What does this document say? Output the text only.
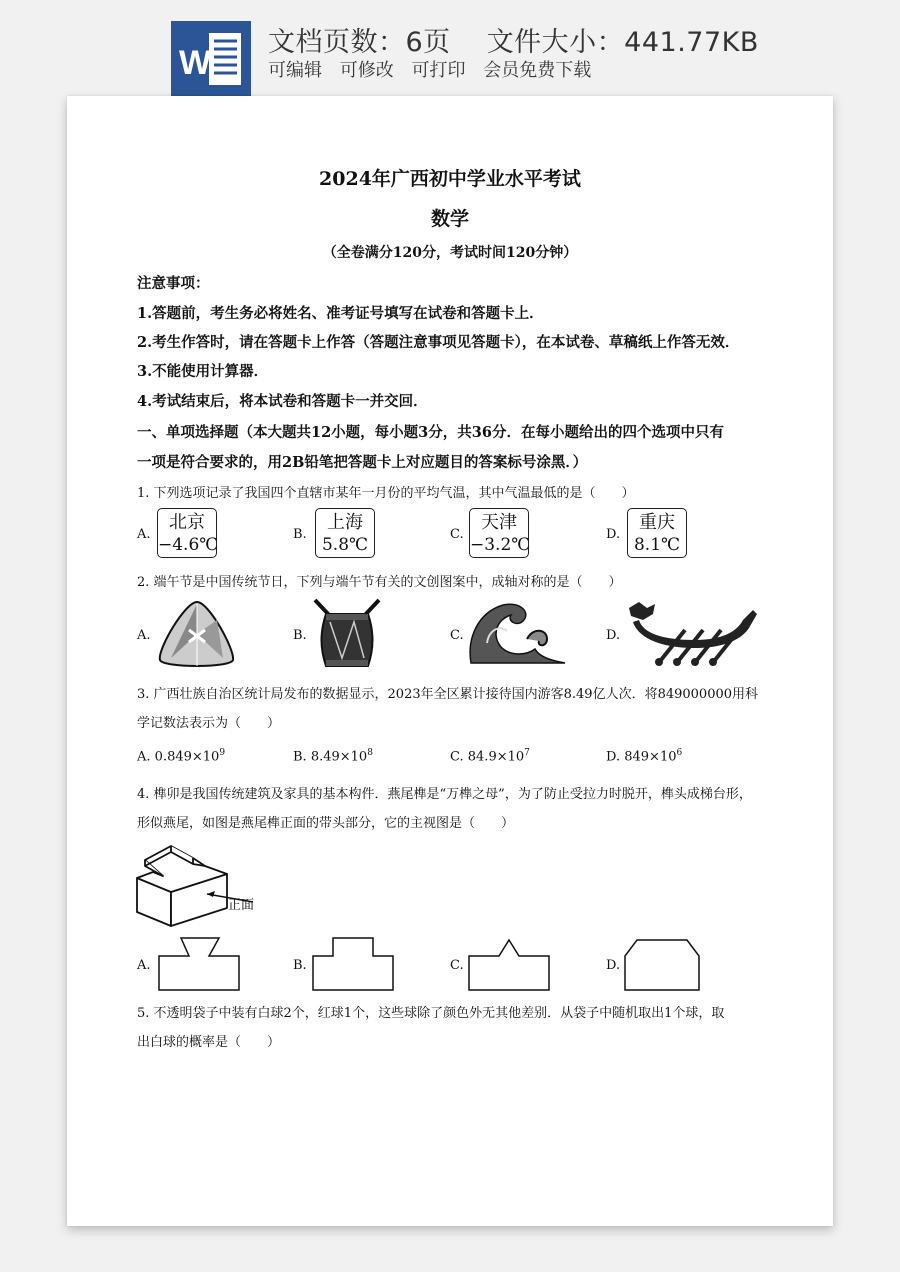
W
文档页数：6页 文件大小：441.77KB
可编辑 可修改 可打印 会员免费下载
2024年广西初中学业水平考试
数学
（全卷满分120分，考试时间120分钟）
注意事项：
1.答题前，考生务必将姓名、准考证号填写在试卷和答题卡上．
2.考生作答时，请在答题卡上作答（答题注意事项见答题卡），在本试卷、草稿纸上作答无效．
3.不能使用计算器．
4.考试结束后，将本试卷和答题卡一并交回．
一、单项选择题（本大题共12小题，每小题3分，共36分．在每小题给出的四个选项中只有
一项是符合要求的，用2B铅笔把答题卡上对应题目的答案标号涂黑．）
1. 下列选项记录了我国四个直辖市某年一月份的平均气温，其中气温最低的是（　　）
A.
北京
−4.6℃
B.
上海
5.8℃
C.
天津
−3.2℃
D.
重庆
8.1℃
2. 端午节是中国传统节日，下列与端午节有关的文创图案中，成轴对称的是（　　）
A.	B.	C.	D.
3. 广西壮族自治区统计局发布的数据显示，2023年全区累计接待国内游客8.49亿人次．将849000000用科
学记数法表示为（　　）
A. $0.849\times 10^9$	B. $8.49\times 10^8$	C. $84.9\times 10^7$	D. $849\times 10^6$
4. 榫卯是我国传统建筑及家具的基本构件．燕尾榫是“万榫之母”，为了防止受拉力时脱开，榫头成梯台形，
形似燕尾，如图是燕尾榫正面的带头部分，它的主视图是（　　）
正面
A.	B.	C.	D.
5. 不透明袋子中装有白球2个，红球1个，这些球除了颜色外无其他差别．从袋子中随机取出1个球，取
出白球的概率是（　　）
